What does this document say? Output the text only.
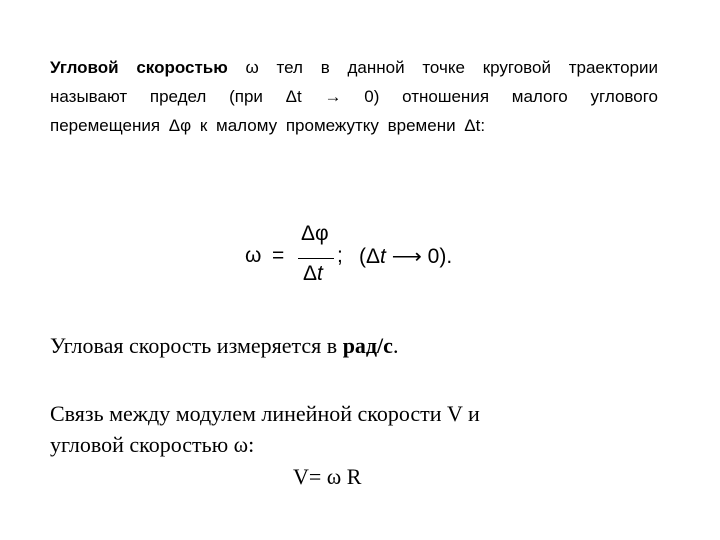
Угловой скоростью ω тел в данной точке круговой траектории называют предел (при Δt → 0) отношения малого углового перемещения Δφ к малому промежутку времени Δt:
ω =
Δφ
Δt
; (Δt ⟶ 0).
Угловая скорость измеряется в рад/с.
Связь между модулем линейной скорости V и
угловой скоростью ω:
V= ω R
